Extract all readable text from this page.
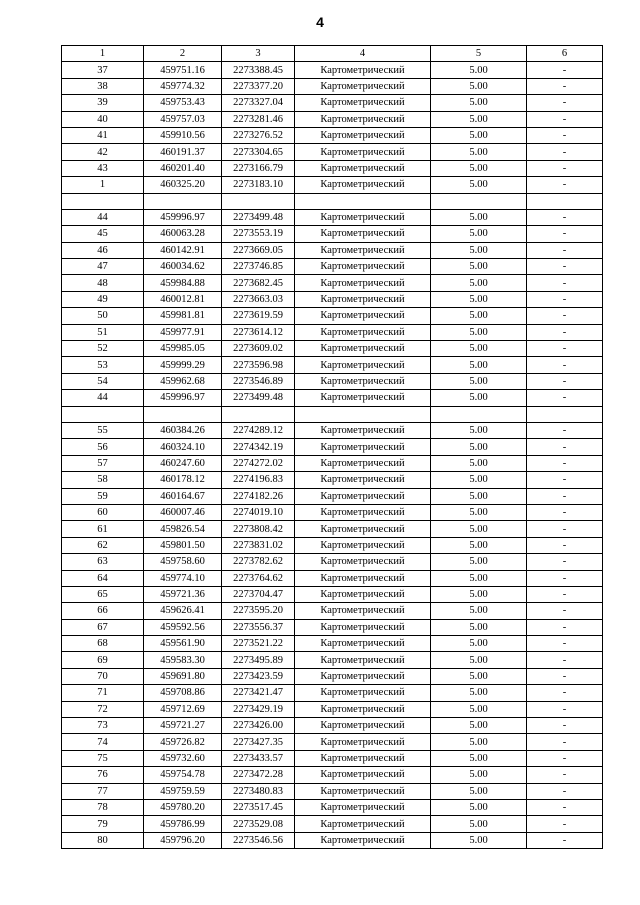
4
1	2	3	4	5	6
37	459751.16	2273388.45	Картометрический	5.00	-
38	459774.32	2273377.20	Картометрический	5.00	-
39	459753.43	2273327.04	Картометрический	5.00	-
40	459757.03	2273281.46	Картометрический	5.00	-
41	459910.56	2273276.52	Картометрический	5.00	-
42	460191.37	2273304.65	Картометрический	5.00	-
43	460201.40	2273166.79	Картометрический	5.00	-
1	460325.20	2273183.10	Картометрический	5.00	-

44	459996.97	2273499.48	Картометрический	5.00	-
45	460063.28	2273553.19	Картометрический	5.00	-
46	460142.91	2273669.05	Картометрический	5.00	-
47	460034.62	2273746.85	Картометрический	5.00	-
48	459984.88	2273682.45	Картометрический	5.00	-
49	460012.81	2273663.03	Картометрический	5.00	-
50	459981.81	2273619.59	Картометрический	5.00	-
51	459977.91	2273614.12	Картометрический	5.00	-
52	459985.05	2273609.02	Картометрический	5.00	-
53	459999.29	2273596.98	Картометрический	5.00	-
54	459962.68	2273546.89	Картометрический	5.00	-
44	459996.97	2273499.48	Картометрический	5.00	-

55	460384.26	2274289.12	Картометрический	5.00	-
56	460324.10	2274342.19	Картометрический	5.00	-
57	460247.60	2274272.02	Картометрический	5.00	-
58	460178.12	2274196.83	Картометрический	5.00	-
59	460164.67	2274182.26	Картометрический	5.00	-
60	460007.46	2274019.10	Картометрический	5.00	-
61	459826.54	2273808.42	Картометрический	5.00	-
62	459801.50	2273831.02	Картометрический	5.00	-
63	459758.60	2273782.62	Картометрический	5.00	-
64	459774.10	2273764.62	Картометрический	5.00	-
65	459721.36	2273704.47	Картометрический	5.00	-
66	459626.41	2273595.20	Картометрический	5.00	-
67	459592.56	2273556.37	Картометрический	5.00	-
68	459561.90	2273521.22	Картометрический	5.00	-
69	459583.30	2273495.89	Картометрический	5.00	-
70	459691.80	2273423.59	Картометрический	5.00	-
71	459708.86	2273421.47	Картометрический	5.00	-
72	459712.69	2273429.19	Картометрический	5.00	-
73	459721.27	2273426.00	Картометрический	5.00	-
74	459726.82	2273427.35	Картометрический	5.00	-
75	459732.60	2273433.57	Картометрический	5.00	-
76	459754.78	2273472.28	Картометрический	5.00	-
77	459759.59	2273480.83	Картометрический	5.00	-
78	459780.20	2273517.45	Картометрический	5.00	-
79	459786.99	2273529.08	Картометрический	5.00	-
80	459796.20	2273546.56	Картометрический	5.00	-
